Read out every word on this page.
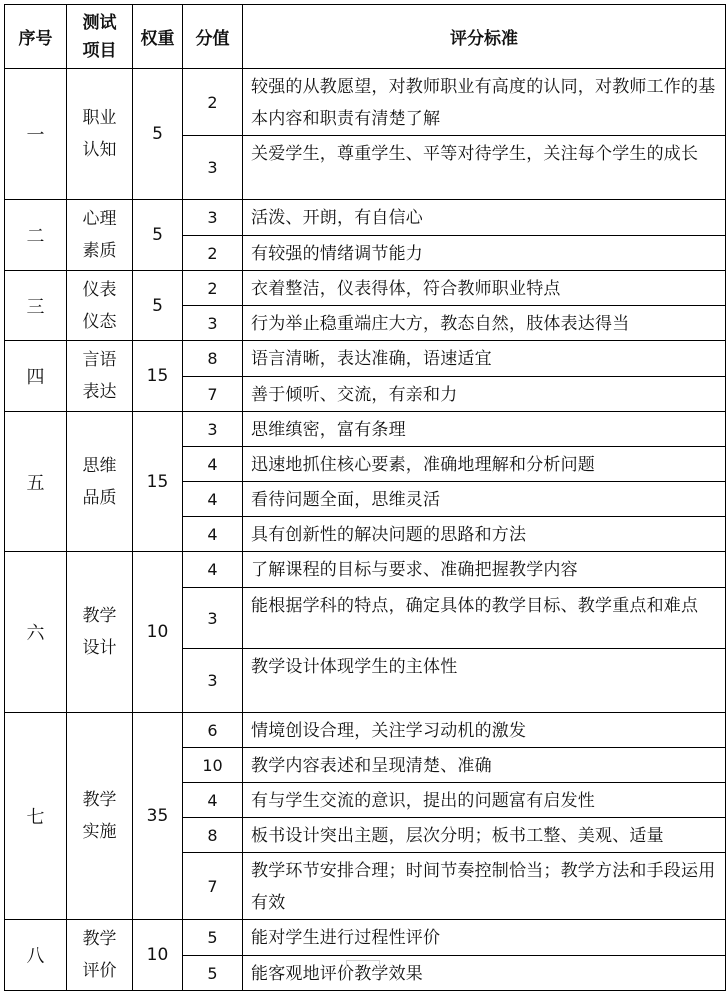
序号	测试项目	权重	分值	评分标准
一	职业认知	5	2	较强的从教愿望，对教师职业有高度的认同，对教师工作的基本内容和职责有清楚了解
			3	关爱学生，尊重学生、平等对待学生，关注每个学生的成长
二	心理素质	5	3	活泼、开朗，有自信心
			2	有较强的情绪调节能力
三	仪表仪态	5	2	衣着整洁，仪表得体，符合教师职业特点
			3	行为举止稳重端庄大方，教态自然，肢体表达得当
四	言语表达	15	8	语言清晰，表达准确，语速适宜
			7	善于倾听、交流，有亲和力
五	思维品质	15	3	思维缜密，富有条理
			4	迅速地抓住核心要素，准确地理解和分析问题
			4	看待问题全面，思维灵活
			4	具有创新性的解决问题的思路和方法
六	教学设计	10	4	了解课程的目标与要求、准确把握教学内容
			3	能根据学科的特点，确定具体的教学目标、教学重点和难点
			3	教学设计体现学生的主体性
七	教学实施	35	6	情境创设合理，关注学习动机的激发
			10	教学内容表述和呈现清楚、准确
			4	有与学生交流的意识，提出的问题富有启发性
			8	板书设计突出主题，层次分明；板书工整、美观、适量
			7	教学环节安排合理；时间节奏控制恰当；教学方法和手段运用有效
八	教学评价	10	5	能对学生进行过程性评价
			5	能客观地评价教学效果
